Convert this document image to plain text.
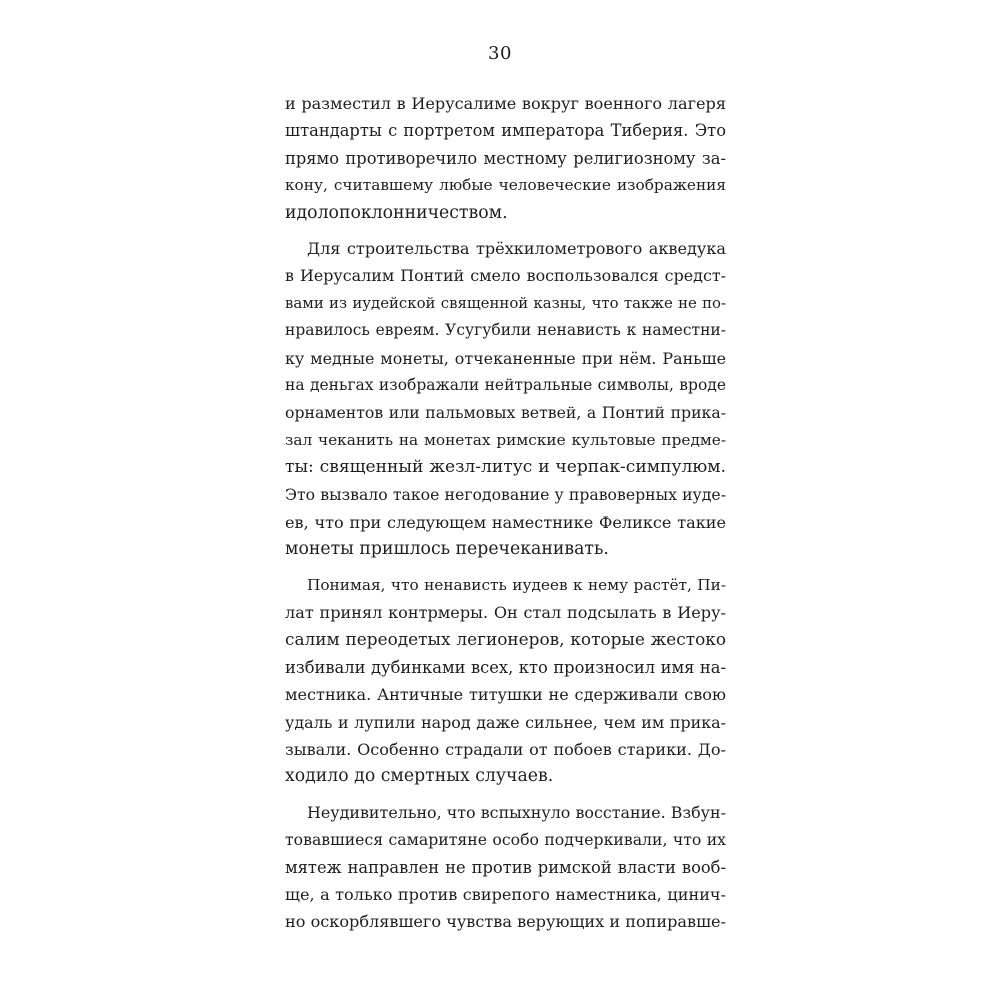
30
и разместил в Иерусалиме вокруг военного лагеря
штандарты с портретом императора Тиберия. Это
прямо противоречило местному религиозному за-
кону, считавшему любые человеческие изображения
идолопоклонничеством.
Для строительства трёхкилометрового акведука
в Иерусалим Понтий смело воспользовался средст-
вами из иудейской священной казны, что также не по-
нравилось евреям. Усугубили ненависть к наместни-
ку медные монеты, отчеканенные при нём. Раньше
на деньгах изображали нейтральные символы, вроде
орнаментов или пальмовых ветвей, а Понтий прика-
зал чеканить на монетах римские культовые предме-
ты: священный жезл-литус и черпак-симпулюм.
Это вызвало такое негодование у правоверных иуде-
ев, что при следующем наместнике Феликсе такие
монеты пришлось перечеканивать.
Понимая, что ненависть иудеев к нему растёт, Пи-
лат принял контрмеры. Он стал подсылать в Иеру-
салим переодетых легионеров, которые жестоко
избивали дубинками всех, кто произносил имя на-
местника. Античные титушки не сдерживали свою
удаль и лупили народ даже сильнее, чем им прика-
зывали. Особенно страдали от побоев старики. До-
ходило до смертных случаев.
Неудивительно, что вспыхнуло восстание. Взбун-
товавшиеся самаритяне особо подчеркивали, что их
мятеж направлен не против римской власти вооб-
ще, а только против свирепого наместника, цинич-
но оскорблявшего чувства верующих и попиравше-
